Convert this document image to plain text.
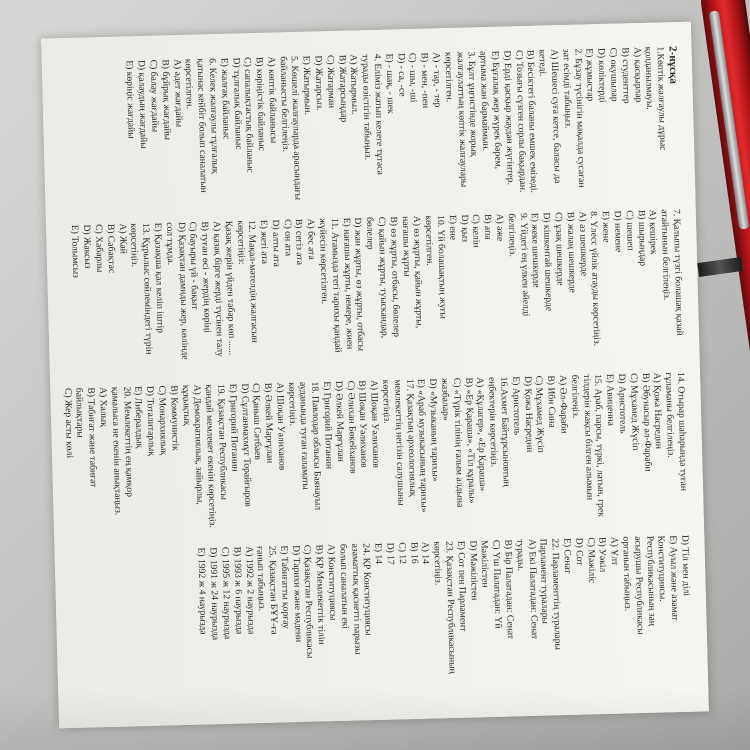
2-нұсқа

1.Көптік жалғаулы дұрыс қолданылмауы.

А) қасқырлар

В) студенттер

С) оқушылар

D) көліктерді

Е) жұмыстар

2. Бұзау түсінігін мақалда сусаған зат есімді табыңыз.

А) Шешесі суға кетсе, баласы да кетеді.

В) Бесіктегі баланы емшек емізеді.

С) Тозығы сүзген сорлы бақырдан.

D) Ерді қасқыр жаудан жүгінтер.

Е) Бұғалақ жер жүрек бәрем, артыма жан бармаймын.

3. Бұлт ұңғистінде жорық жалғаулаттың көптік жалғаулары көрсетілген.

А) - тар, - тер

В) - мен, -пен

С) - шы, -ші

D) - са, -се

Е) - шақ, - шек

4. Еліміз жатып келеге тұтаса турады өзістігін табыңыз.

А) Жатырмыл.

В) Жатарсыңдар

С) Жатарман

D) Жатарсыз.

Е) Жатырмын.

5. Көшелі жалғауларда арасындағы байланысты белгілеңіз.

А) көптік байланысы

В) көріңістік байланыс

С) сапалықтастық байланыс

D) тұлғалық байланыс

Е) жалғақ байланыс

6. Келек жалғаулы тұлғалық қатынас кейбіт болып саналатын көрсетілген.

А) әдет жағдайы

В) бұйрық жағдайы

С) балау жағдайы

D) қалаудың жағдайы

Е) көріңіс жағдайы

7. Қалыпы түзгі болашақ қазай атайтынын белгілеңіз.

А) кешірек

В) шырыңдар

С) шешеп

D) немене

Е) жене

8. Үлесс үйлік атауды көрсетіңіз.

А) аз шешкерде

В) жалаң шешкерде

С) ұзақ шешкерде

D) кішкентай шешкерде

Е) жеке шешкерде

9. Үйдегі ең үлкен әйелді белгілеңіз.

А) әже

В) апа

С) келін

D) қыз

Е) ене

10. Үй болашақтың жуғы көрсетілген.

А) өз жұрты, қайын жұрты, нағашы жұрты

В) өз жұрты, отбасы, бөлелер

С) қайын жұрты, туыскандар, бөлелер

D) жан жұрты, өз жұрты, отбасы

Е) нағашы жұрты, немере, жиен

11. Атамызда тегі тарихы қандай жүйесін көрсетілген.

А) бес ата

В) сегіз ата

С) он ата

D) алты ата

Е) жеті ата

12. Мақал-мәтелдің жалғасын көрсетіңіз:

Қазақ жерін үйден табар көп ......

А) қазақ бірге жерді түсінен талу

В) туған өсі - жердің көріңі

С) бауыры үй - бақыт

D) Қазақтан дамиды жер, көлінде сол тұмда.

Е) Қазақша қал келіп іштір

13. Құрылыс сөйлеміндегі түрін көрсетіңіз.

А) Жай

В) Сабақтас

С) Хабарлы

D) Жаксыз

Е) Толымсыз

14. Отырар шаһарында туған ғұламаны белгілеңіз.

А) Қожа Насредин

В) Әбунасыр әл-Фараби

С) Мұхамед Жүсіп

D) Аристотель

Е) Авиценна

15. Араб, парсы, түркі, латын, грек тілдерін жақсы білген алымын белгілеңіз.

А) Әл-Фараби

В) Ибн Сина

С) Мұхамед Жүсіп

D) Қожа Насредин

Е) Аристотель

16.Ахмет Байтұрсыновтың еңбектерін көрсетіңіз.

А) «Құлагер», «Ер Қараша»

В) «Ер Қараша», «Тіл құралы»

С) «Түрік тілінің ғалым алдына жазбалар»

D) «Музыканың тарихы»

Е) «Араб музыкасының тарихы»

17. Қазақтың археологиялық мемлекеттің негізін салушыны көрсетіңіз.

А) Шоқан Уәлиханов

В) Шоқан Уәлиханов

С) Әлихан Бөкейханов

D) Әлкей Марғұлан

Е) Григорий Потанин

18. Павлодар облысы Баянауыл ауданында туған ғаламаты көрсетіңіз.

А) Шоқан Уәлиханов

В) Әлкей Марғұлан

С) Қаныш Сәтбаев

D) Сұлтанмахмұт Торайғыров

Е) Григорий Потанин

19. Қазақстан Республикасы қандай мемлекет екенін көрсетіңіз.

А) Демократиялық, зайырлы, құқықтық

В) Коммунистік

С) Монархиялық

D) Тоталитарлық

Е) Либералдық

20. Мемлекеттің ең қамқор қамалыса не екенін анықтаңыз.

А) Халық

В) Табиғат және табиғат байлықтары

С) Жер асты көлі

D) Тіл мен ділі

Е) Ауыл және азамат

Конституциясы.

Республикасының заң

асырушы Республикасы

органын табыңыз.

А) Ұлт

В) Уәкіл

С) Мәжіліс

D) Сот

Е) Сенат

22. Парламенттің туралары

Парламент туралары

А) Екі Палатадан: Сенат

турады.

В) Бір Палатадан: Сенат

С) Үш Палатадан: Үй

Мәжілістен

D) Мәжілістен

Е) Сот пен Парламент

23. Қазақстан Республикасының көрсетіңіз.

А) 14

В) 16

С) 12

D) 17

Е) 14

24. ҚР Конституциясы

азаматтық қасиетті парызы

болып саналатын екі

А) Конституциясы

В) ҚР Мемлекеттік тілін

С) Қазақстан Республикасы

D) Тарихи және мәдени

Е) Табиғатты қорғау

25. Қазақстан БҰҰ-ға

ғанып табыңыз.

А) 1992 ж 2 наурызда

В) 1993 ж 6 наурызда

С) 1995 ж 12 наурызда

D) 1991 ж 24 наурызда

Е) 1992 ж 4 наурызда
